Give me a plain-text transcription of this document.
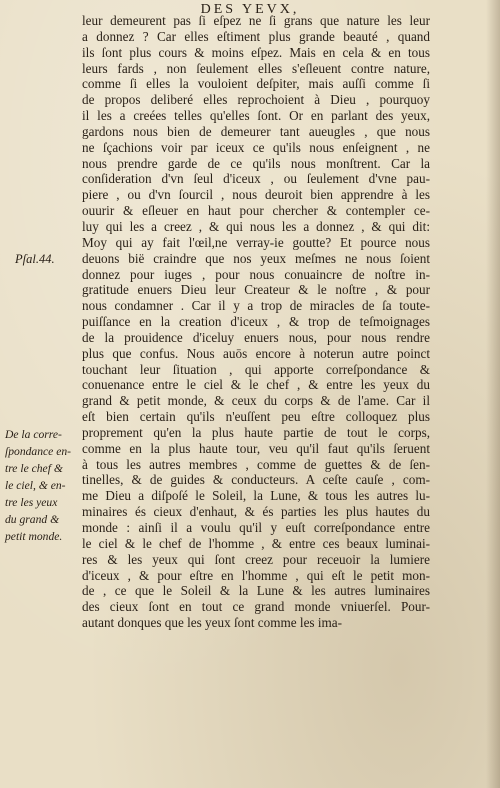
DES YEVX,
leur demeurent pas ſi eſpez ne ſi grans que nature les leur
a donnez ? Car elles eſtiment plus grande beauté , quand
ils ſont plus cours & moins eſpez. Mais en cela & en tous
leurs fards , non ſeulement elles s'eſleuent contre nature,
comme ſi elles la vouloient deſpiter, mais auſſi comme ſi
de propos deliberé elles reprochoient à Dieu , pourquoy
il les a creées telles qu'elles ſont. Or en parlant des yeux,
gardons nous bien de demeurer tant aueugles , que nous
ne ſçachions voir par iceux ce qu'ils nous enſeignent , ne
nous prendre garde de ce qu'ils nous monſtrent. Car la
conſideration d'vn ſeul d'iceux , ou ſeulement d'vne pau-
piere , ou d'vn ſourcil , nous deuroit bien apprendre à les
ouurir & eſleuer en haut pour chercher & contempler ce-
luy qui les a creez , & qui nous les a donnez , & qui dit:
Moy qui ay fait l'œil,ne verray-ie goutte? Et pource nous
deuons bië craindre que nos yeux meſmes ne nous ſoient
donnez pour iuges , pour nous conuaincre de noſtre in-
gratitude enuers Dieu leur Createur & le noſtre , & pour
nous condamner . Car il y a trop de miracles de ſa toute-
puiſſance en la creation d'iceux , & trop de teſmoignages
de la prouidence d'iceluy enuers nous, pour nous rendre
plus que confus. Nous auōs encore à noterun autre poinct
touchant leur ſituation , qui apporte correſpondance &
conuenance entre le ciel & le chef , & entre les yeux du
grand & petit monde, & ceux du corps & de l'ame. Car il
eſt bien certain qu'ils n'euſſent peu eſtre colloquez plus
proprement qu'en la plus haute partie de tout le corps,
comme en la plus haute tour, veu qu'il faut qu'ils ſeruent
à tous les autres membres , comme de guettes & de ſen-
tinelles, & de guides & conducteurs. A ceſte cauſe , com-
me Dieu a diſpoſé le Soleil, la Lune, & tous les autres lu-
minaires és cieux d'enhaut, & és parties les plus hautes du
monde : ainſi il a voulu qu'il y euſt correſpondance entre
le ciel & le chef de l'homme , & entre ces beaux luminai-
res & les yeux qui ſont creez pour receuoir la lumiere
d'iceux , & pour eſtre en l'homme , qui eſt le petit mon-
de , ce que le Soleil & la Lune & les autres luminaires
des cieux ſont en tout ce grand monde vniuerſel. Pour-
autant donques que les yeux ſont comme les ima-
Pſal.44.
De la corre-
ſpondance en-
tre le chef &
le ciel, & en-
tre les yeux
du grand &
petit monde.
